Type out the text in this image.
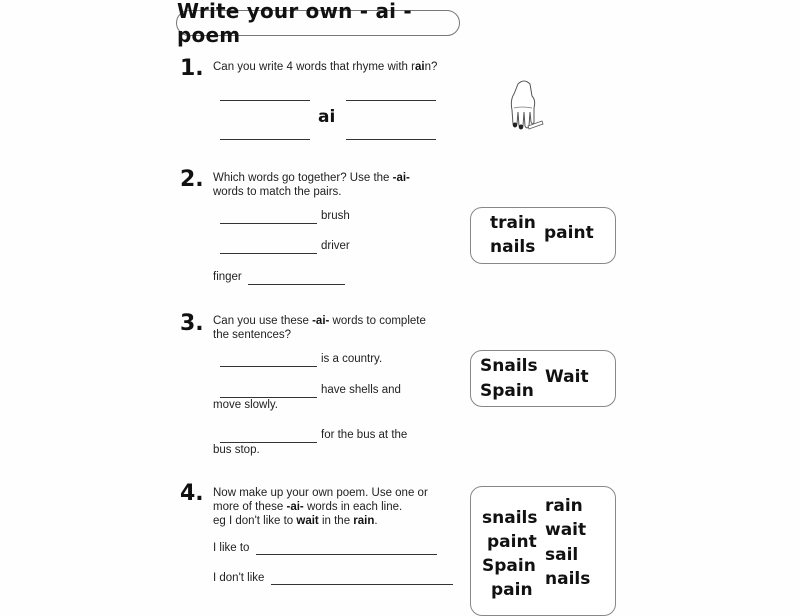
Write your own - ai - poem
1. Can you write 4 words that rhyme with rain?
ai
2. Which words go together? Use the -ai-
words to match the pairs.
brush
driver
finger
train
nails
paint
3. Can you use these -ai- words to complete
the sentences?
is a country.
have shells and
move slowly.
for the bus at the
bus stop.
Snails
Spain
Wait
4. Now make up your own poem. Use one or
more of these -ai- words in each line.
eg I don't like to wait in the rain.
I like to
I don't like
snails
paint
Spain
pain
rain
wait
sail
nails
